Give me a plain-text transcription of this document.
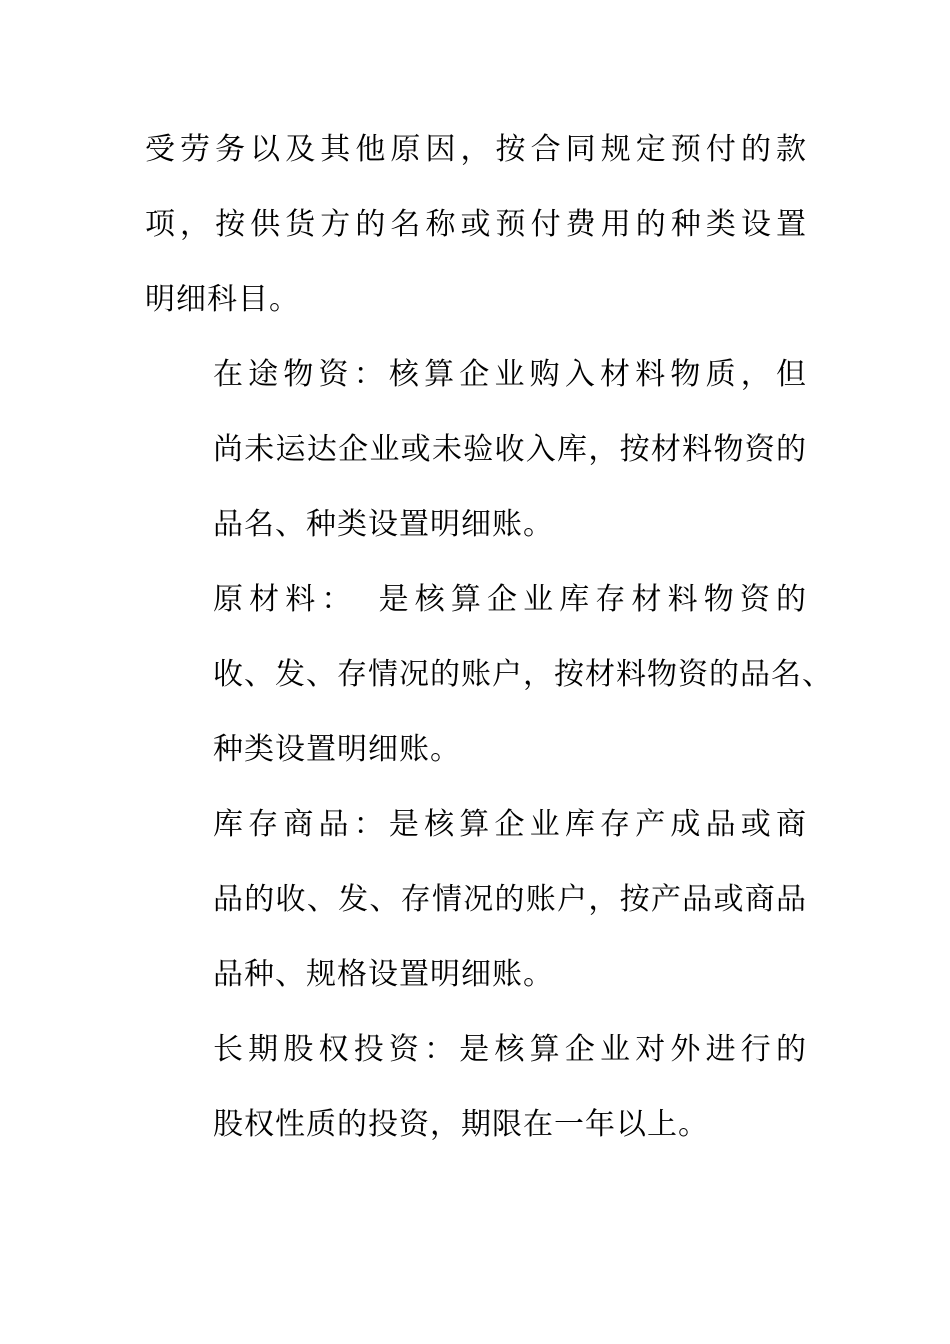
受劳务以及其他原因，按合同规定预付的款
项，按供货方的名称或预付费用的种类设置
明细科目。
在途物资：核算企业购入材料物质，但
尚未运达企业或未验收入库，按材料物资的
品名、种类设置明细账。
原材料：　是核算企业库存材料物资的
收、发、存情况的账户，按材料物资的品名、
种类设置明细账。
库存商品：是核算企业库存产成品或商
品的收、发、存情况的账户，按产品或商品
品种、规格设置明细账。
长期股权投资：是核算企业对外进行的
股权性质的投资，期限在一年以上。
